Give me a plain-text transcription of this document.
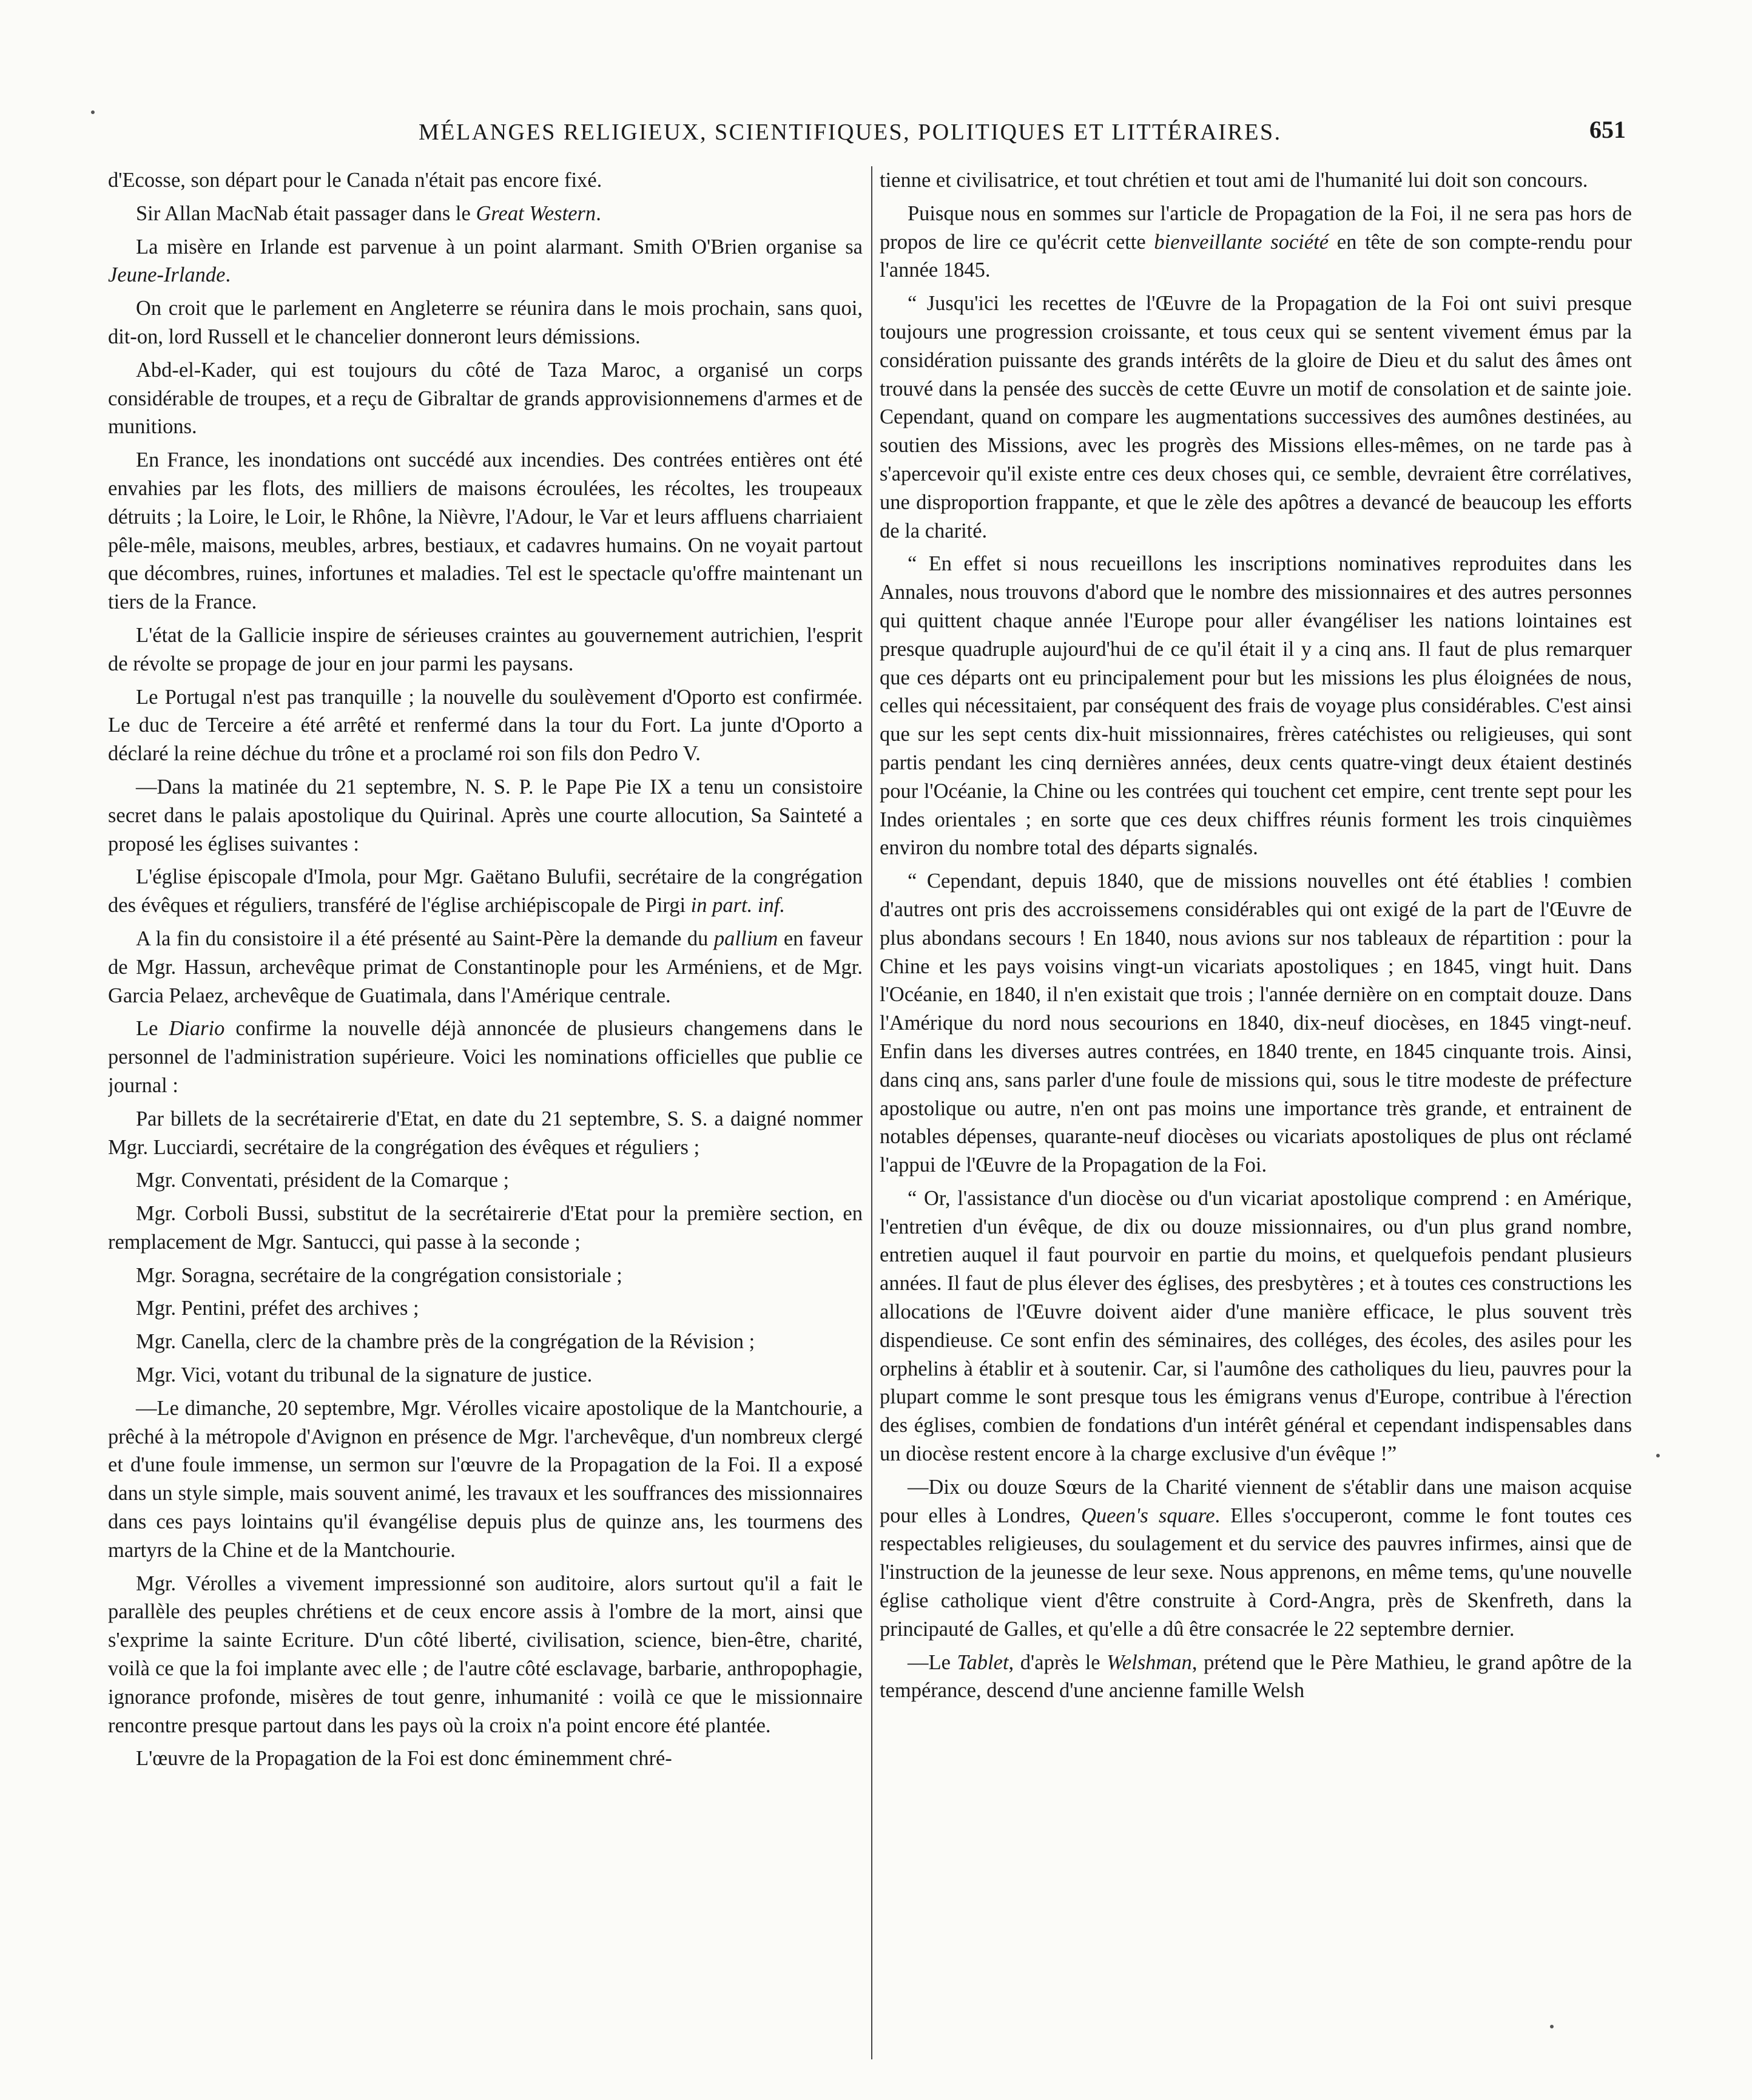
MÉLANGES RELIGIEUX, SCIENTIFIQUES, POLITIQUES ET LITTÉRAIRES.	651

d'Ecosse, son départ pour le Canada n'était pas encore fixé.

Sir Allan MacNab était passager dans le Great Western.

La misère en Irlande est parvenue à un point alarmant. Smith O'Brien organise sa Jeune-Irlande.

On croit que le parlement en Angleterre se réunira dans le mois prochain, sans quoi, dit-on, lord Russell et le chancelier donneront leurs démissions.

Abd-el-Kader, qui est toujours du côté de Taza Maroc, a organisé un corps considérable de troupes, et a reçu de Gibraltar de grands approvisionnemens d'armes et de munitions.

En France, les inondations ont succédé aux incendies. Des contrées entières ont été envahies par les flots, des milliers de maisons écroulées, les récoltes, les troupeaux détruits ; la Loire, le Loir, le Rhône, la Nièvre, l'Adour, le Var et leurs affluens charriaient pêle-mêle, maisons, meubles, arbres, bestiaux, et cadavres humains. On ne voyait partout que décombres, ruines, infortunes et maladies. Tel est le spectacle qu'offre maintenant un tiers de la France.

L'état de la Gallicie inspire de sérieuses craintes au gouvernement autrichien, l'esprit de révolte se propage de jour en jour parmi les paysans.

Le Portugal n'est pas tranquille ; la nouvelle du soulèvement d'Oporto est confirmée. Le duc de Terceire a été arrêté et renfermé dans la tour du Fort. La junte d'Oporto a déclaré la reine déchue du trône et a proclamé roi son fils don Pedro V.

—Dans la matinée du 21 septembre, N. S. P. le Pape Pie IX a tenu un consistoire secret dans le palais apostolique du Quirinal. Après une courte allocution, Sa Sainteté a proposé les églises suivantes :

L'église épiscopale d'Imola, pour Mgr. Gaëtano Bulufii, secrétaire de la congrégation des évêques et réguliers, transféré de l'église archiépiscopale de Pirgi in part. inf.

A la fin du consistoire il a été présenté au Saint-Père la demande du pallium en faveur de Mgr. Hassun, archevêque primat de Constantinople pour les Arméniens, et de Mgr. Garcia Pelaez, archevêque de Guatimala, dans l'Amérique centrale.

Le Diario confirme la nouvelle déjà annoncée de plusieurs changemens dans le personnel de l'administration supérieure. Voici les nominations officielles que publie ce journal :

Par billets de la secrétairerie d'Etat, en date du 21 septembre, S. S. a daigné nommer Mgr. Lucciardi, secrétaire de la congrégation des évêques et réguliers ;

Mgr. Conventati, président de la Comarque ;

Mgr. Corboli Bussi, substitut de la secrétairerie d'Etat pour la première section, en remplacement de Mgr. Santucci, qui passe à la seconde ;

Mgr. Soragna, secrétaire de la congrégation consistoriale ;

Mgr. Pentini, préfet des archives ;

Mgr. Canella, clerc de la chambre près de la congrégation de la Révision ;

Mgr. Vici, votant du tribunal de la signature de justice.

—Le dimanche, 20 septembre, Mgr. Vérolles vicaire apostolique de la Mantchourie, a prêché à la métropole d'Avignon en présence de Mgr. l'archevêque, d'un nombreux clergé et d'une foule immense, un sermon sur l'œuvre de la Propagation de la Foi. Il a exposé dans un style simple, mais souvent animé, les travaux et les souffrances des missionnaires dans ces pays lointains qu'il évangélise depuis plus de quinze ans, les tourmens des martyrs de la Chine et de la Mantchourie.

Mgr. Vérolles a vivement impressionné son auditoire, alors surtout qu'il a fait le parallèle des peuples chrétiens et de ceux encore assis à l'ombre de la mort, ainsi que s'exprime la sainte Ecriture. D'un côté liberté, civilisation, science, bien-être, charité, voilà ce que la foi implante avec elle ; de l'autre côté esclavage, barbarie, anthropophagie, ignorance profonde, misères de tout genre, inhumanité : voilà ce que le missionnaire rencontre presque partout dans les pays où la croix n'a point encore été plantée.

L'œuvre de la Propagation de la Foi est donc éminemment chré-

tienne et civilisatrice, et tout chrétien et tout ami de l'humanité lui doit son concours.

Puisque nous en sommes sur l'article de Propagation de la Foi, il ne sera pas hors de propos de lire ce qu'écrit cette bienveillante société en tête de son compte-rendu pour l'année 1845.

“ Jusqu'ici les recettes de l'Œuvre de la Propagation de la Foi ont suivi presque toujours une progression croissante, et tous ceux qui se sentent vivement émus par la considération puissante des grands intérêts de la gloire de Dieu et du salut des âmes ont trouvé dans la pensée des succès de cette Œuvre un motif de consolation et de sainte joie. Cependant, quand on compare les augmentations successives des aumônes destinées, au soutien des Missions, avec les progrès des Missions elles-mêmes, on ne tarde pas à s'apercevoir qu'il existe entre ces deux choses qui, ce semble, devraient être corrélatives, une disproportion frappante, et que le zèle des apôtres a devancé de beaucoup les efforts de la charité.

“ En effet si nous recueillons les inscriptions nominatives reproduites dans les Annales, nous trouvons d'abord que le nombre des missionnaires et des autres personnes qui quittent chaque année l'Europe pour aller évangéliser les nations lointaines est presque quadruple aujourd'hui de ce qu'il était il y a cinq ans. Il faut de plus remarquer que ces départs ont eu principalement pour but les missions les plus éloignées de nous, celles qui nécessitaient, par conséquent des frais de voyage plus considérables. C'est ainsi que sur les sept cents dix-huit missionnaires, frères catéchistes ou religieuses, qui sont partis pendant les cinq dernières années, deux cents quatre-vingt deux étaient destinés pour l'Océanie, la Chine ou les contrées qui touchent cet empire, cent trente sept pour les Indes orientales ; en sorte que ces deux chiffres réunis forment les trois cinquièmes environ du nombre total des départs signalés.

“ Cependant, depuis 1840, que de missions nouvelles ont été établies ! combien d'autres ont pris des accroissemens considérables qui ont exigé de la part de l'Œuvre de plus abondans secours ! En 1840, nous avions sur nos tableaux de répartition : pour la Chine et les pays voisins vingt-un vicariats apostoliques ; en 1845, vingt huit. Dans l'Océanie, en 1840, il n'en existait que trois ; l'année dernière on en comptait douze. Dans l'Amérique du nord nous secourions en 1840, dix-neuf diocèses, en 1845 vingt-neuf. Enfin dans les diverses autres contrées, en 1840 trente, en 1845 cinquante trois. Ainsi, dans cinq ans, sans parler d'une foule de missions qui, sous le titre modeste de préfecture apostolique ou autre, n'en ont pas moins une importance très grande, et entrainent de notables dépenses, quarante-neuf diocèses ou vicariats apostoliques de plus ont réclamé l'appui de l'Œuvre de la Propagation de la Foi.

“ Or, l'assistance d'un diocèse ou d'un vicariat apostolique comprend : en Amérique, l'entretien d'un évêque, de dix ou douze missionnaires, ou d'un plus grand nombre, entretien auquel il faut pourvoir en partie du moins, et quelquefois pendant plusieurs années. Il faut de plus élever des églises, des presbytères ; et à toutes ces constructions les allocations de l'Œuvre doivent aider d'une manière efficace, le plus souvent très dispendieuse. Ce sont enfin des séminaires, des colléges, des écoles, des asiles pour les orphelins à établir et à soutenir. Car, si l'aumône des catholiques du lieu, pauvres pour la plupart comme le sont presque tous les émigrans venus d'Europe, contribue à l'érection des églises, combien de fondations d'un intérêt général et cependant indispensables dans un diocèse restent encore à la charge exclusive d'un évêque !”

—Dix ou douze Sœurs de la Charité viennent de s'établir dans une maison acquise pour elles à Londres, Queen's square. Elles s'occuperont, comme le font toutes ces respectables religieuses, du soulagement et du service des pauvres infirmes, ainsi que de l'instruction de la jeunesse de leur sexe. Nous apprenons, en même tems, qu'une nouvelle église catholique vient d'être construite à Cord-Angra, près de Skenfreth, dans la principauté de Galles, et qu'elle a dû être consacrée le 22 septembre dernier.

—Le Tablet, d'après le Welshman, prétend que le Père Mathieu, le grand apôtre de la tempérance, descend d'une ancienne famille Welsh
